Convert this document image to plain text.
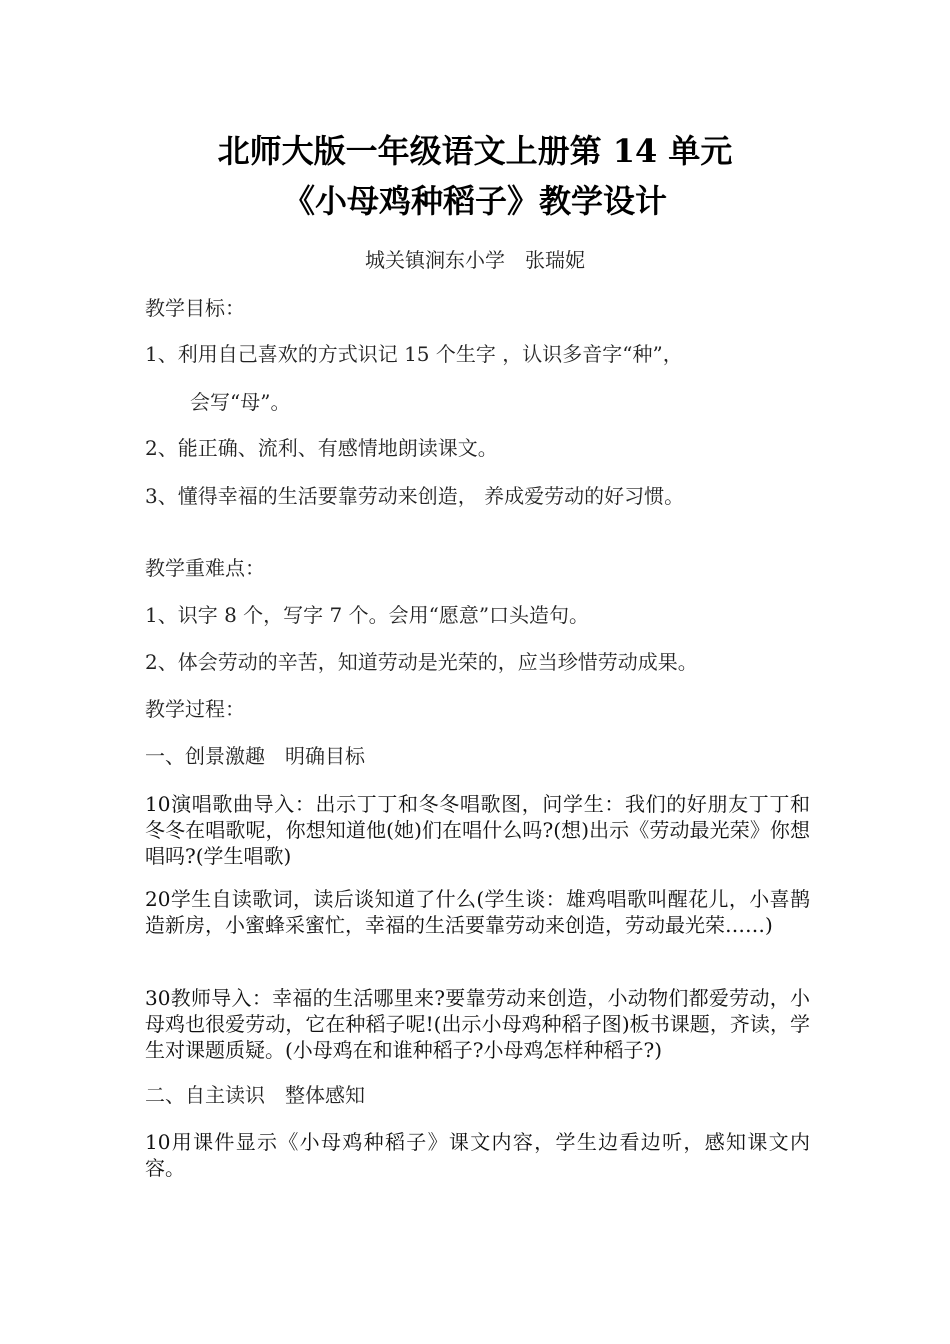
北师大版一年级语文上册第 14 单元
《小母鸡种稻子》教学设计
城关镇涧东小学　张瑞妮
教学目标：
1、利用自己喜欢的方式识记 15 个生字 ，认识多音字“种”，
会写“母”。
2、能正确、流利、有感情地朗读课文。
3、懂得幸福的生活要靠劳动来创造， 养成爱劳动的好习惯。
教学重难点：
1、识字 8 个，写字 7 个。会用“愿意”口头造句。
2、体会劳动的辛苦，知道劳动是光荣的，应当珍惜劳动成果。
教学过程：
一、创景激趣　明确目标
10演唱歌曲导入：出示丁丁和冬冬唱歌图，问学生：我们的好朋友丁丁和冬冬在唱歌呢，你想知道他(她)们在唱什么吗?(想)出示《劳动最光荣》你想唱吗?(学生唱歌)
20学生自读歌词，读后谈知道了什么(学生谈：雄鸡唱歌叫醒花儿，小喜鹊造新房，小蜜蜂采蜜忙，幸福的生活要靠劳动来创造，劳动最光荣……)
30教师导入：幸福的生活哪里来?要靠劳动来创造，小动物们都爱劳动，小母鸡也很爱劳动，它在种稻子呢!(出示小母鸡种稻子图)板书课题，齐读，学生对课题质疑。(小母鸡在和谁种稻子?小母鸡怎样种稻子?)
二、自主读识　整体感知
10用课件显示《小母鸡种稻子》课文内容，学生边看边听，感知课文内容。
